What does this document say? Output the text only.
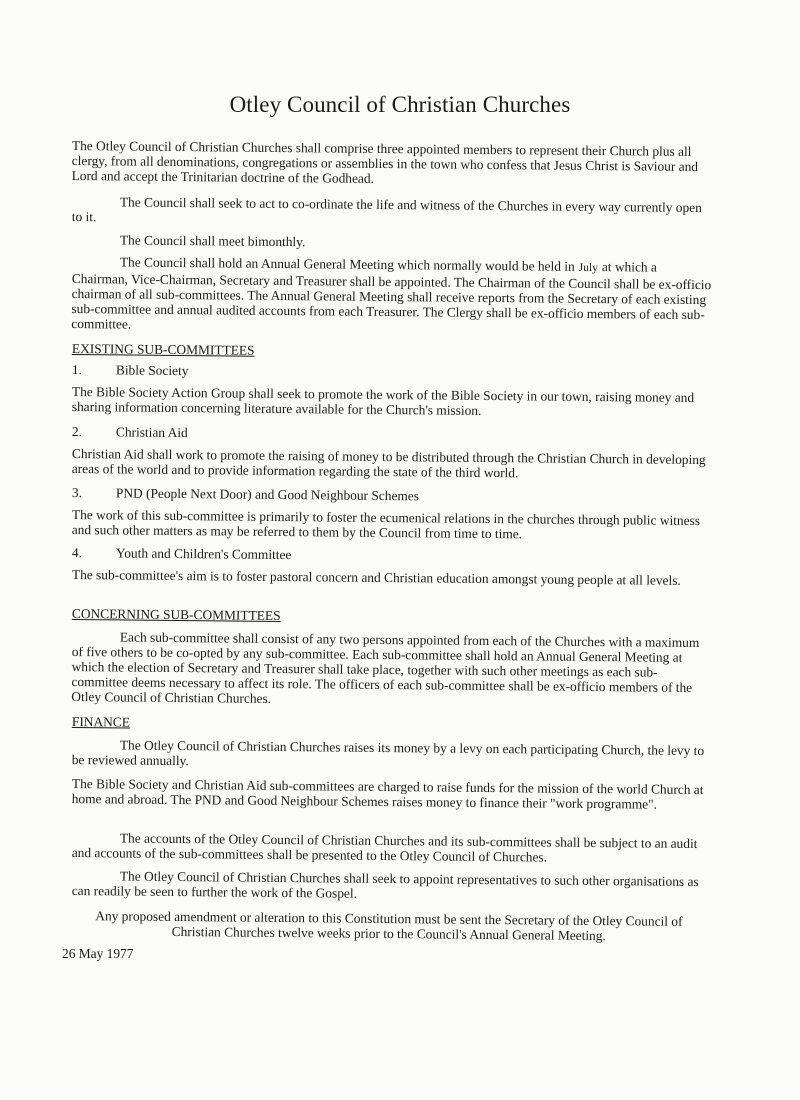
Otley Council of Christian Churches
The Otley Council of Christian Churches shall comprise three appointed members to represent their Church plus all clergy, from all denominations, congregations or assemblies in the town who confess that Jesus Christ is Saviour and Lord and accept the Trinitarian doctrine of the Godhead.
The Council shall seek to act to co-ordinate the life and witness of the Churches in every way currently open to it.
The Council shall meet bimonthly.
The Council shall hold an Annual General Meeting which normally would be held in July at which a Chairman, Vice-Chairman, Secretary and Treasurer shall be appointed. The Chairman of the Council shall be ex-officio chairman of all sub-committees. The Annual General Meeting shall receive reports from the Secretary of each existing sub-committee and annual audited accounts from each Treasurer. The Clergy shall be ex-officio members of each sub-committee.
EXISTING SUB-COMMITTEES
1.	Bible Society
The Bible Society Action Group shall seek to promote the work of the Bible Society in our town, raising money and sharing information concerning literature available for the Church's mission.
2.	Christian Aid
Christian Aid shall work to promote the raising of money to be distributed through the Christian Church in developing areas of the world and to provide information regarding the state of the third world.
3.	PND (People Next Door) and Good Neighbour Schemes
The work of this sub-committee is primarily to foster the ecumenical relations in the churches through public witness and such other matters as may be referred to them by the Council from time to time.
4.	Youth and Children's Committee
The sub-committee's aim is to foster pastoral concern and Christian education amongst young people at all levels.
CONCERNING SUB-COMMITTEES
Each sub-committee shall consist of any two persons appointed from each of the Churches with a maximum of five others to be co-opted by any sub-committee. Each sub-committee shall hold an Annual General Meeting at which the election of Secretary and Treasurer shall take place, together with such other meetings as each sub-committee deems necessary to affect its role. The officers of each sub-committee shall be ex-officio members of the Otley Council of Christian Churches.
FINANCE
The Otley Council of Christian Churches raises its money by a levy on each participating Church, the levy to be reviewed annually.
The Bible Society and Christian Aid sub-committees are charged to raise funds for the mission of the world Church at home and abroad. The PND and Good Neighbour Schemes raises money to finance their "work programme".
The accounts of the Otley Council of Christian Churches and its sub-committees shall be subject to an audit and accounts of the sub-committees shall be presented to the Otley Council of Churches.
The Otley Council of Christian Churches shall seek to appoint representatives to such other organisations as can readily be seen to further the work of the Gospel.
Any proposed amendment or alteration to this Constitution must be sent the Secretary of the Otley Council of Christian Churches twelve weeks prior to the Council's Annual General Meeting.
26 May 1977
